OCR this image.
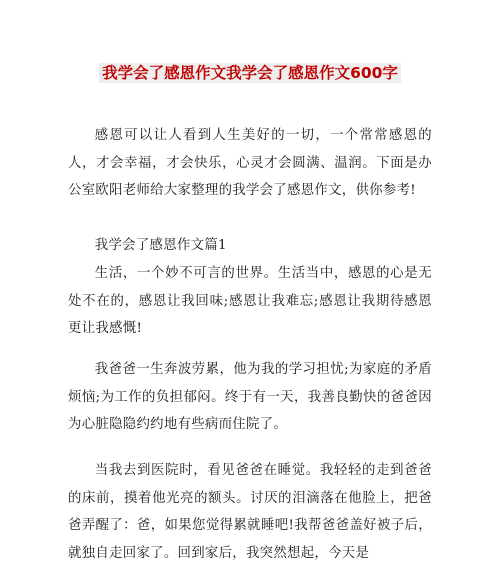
我学会了感恩作文我学会了感恩作文600字

感恩可以让人看到人生美好的一切，一个常常感恩的人，才会幸福，才会快乐，心灵才会圆满、温润。下面是办公室欧阳老师给大家整理的我学会了感恩作文，供你参考!

我学会了感恩作文篇1

生活，一个妙不可言的世界。生活当中，感恩的心是无处不在的，感恩让我回味;感恩让我难忘;感恩让我期待感恩更让我感慨!

我爸爸一生奔波劳累，他为我的学习担忧;为家庭的矛盾烦恼;为工作的负担郁闷。终于有一天，我善良勤快的爸爸因为心脏隐隐约约地有些病而住院了。

当我去到医院时，看见爸爸在睡觉。我轻轻的走到爸爸的床前，摸着他光亮的额头。讨厌的泪滴落在他脸上，把爸爸弄醒了：爸，如果您觉得累就睡吧!我帮爸爸盖好被子后，就独自走回家了。回到家后，我突然想起，今天是
